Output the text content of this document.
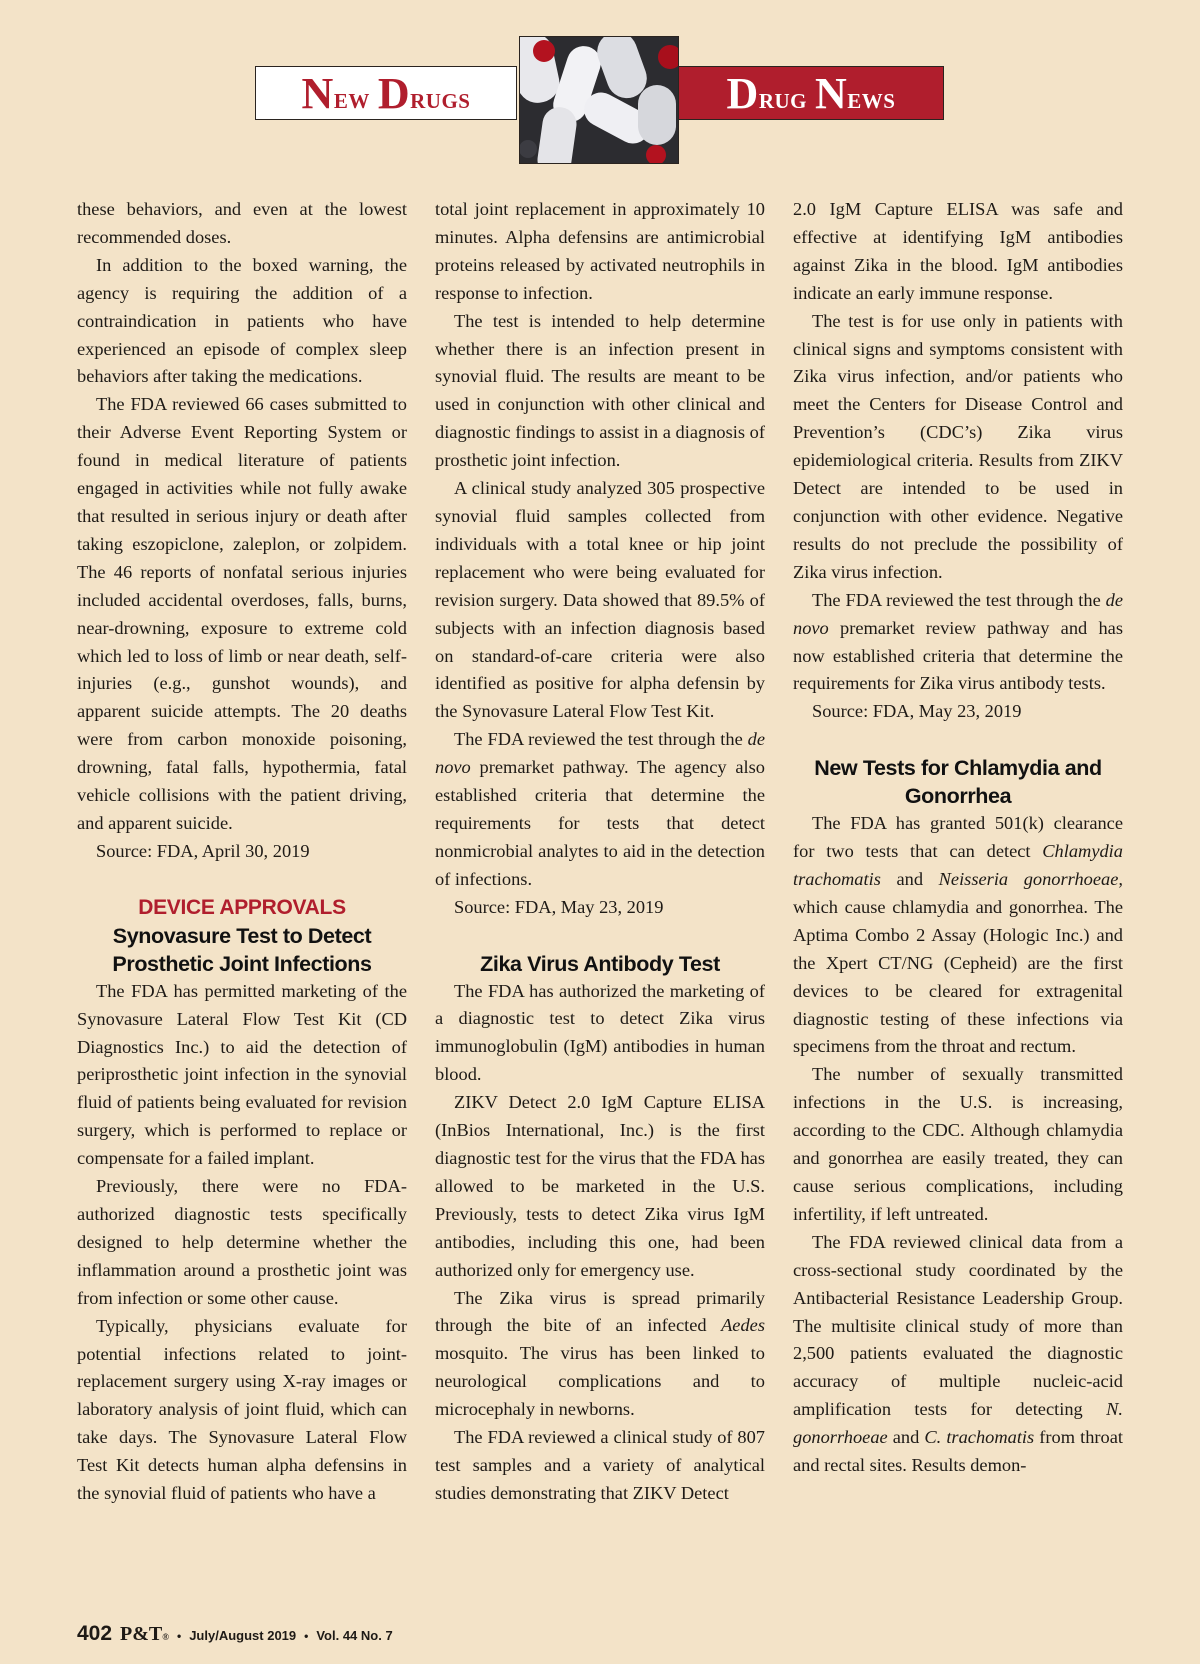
New Drugs	Drug News

these behaviors, and even at the lowest recommended doses.

In addition to the boxed warning, the agency is requiring the addition of a contraindication in patients who have experienced an episode of complex sleep behaviors after taking the medications.

The FDA reviewed 66 cases submitted to their Adverse Event Reporting System or found in medical literature of patients engaged in activities while not fully awake that resulted in serious injury or death after taking eszopiclone, zaleplon, or zolpidem. The 46 reports of nonfatal serious injuries included accidental overdoses, falls, burns, near-drowning, exposure to extreme cold which led to loss of limb or near death, self-injuries (e.g., gunshot wounds), and apparent suicide attempts. The 20 deaths were from carbon monoxide poisoning, drowning, fatal falls, hypothermia, fatal vehicle collisions with the patient driving, and apparent suicide.

Source: FDA, April 30, 2019

DEVICE APPROVALS
Synovasure Test to Detect Prosthetic Joint Infections

The FDA has permitted marketing of the Synovasure Lateral Flow Test Kit (CD Diagnostics Inc.) to aid the detection of periprosthetic joint infection in the synovial fluid of patients being evaluated for revision surgery, which is performed to replace or compensate for a failed implant.

Previously, there were no FDA-authorized diagnostic tests specifically designed to help determine whether the inflammation around a prosthetic joint was from infection or some other cause.

Typically, physicians evaluate for potential infections related to joint-replacement surgery using X-ray images or laboratory analysis of joint fluid, which can take days. The Synovasure Lateral Flow Test Kit detects human alpha defensins in the synovial fluid of patients who have a

total joint replacement in approximately 10 minutes. Alpha defensins are antimicrobial proteins released by activated neutrophils in response to infection.

The test is intended to help determine whether there is an infection present in synovial fluid. The results are meant to be used in conjunction with other clinical and diagnostic findings to assist in a diagnosis of prosthetic joint infection.

A clinical study analyzed 305 prospective synovial fluid samples collected from individuals with a total knee or hip joint replacement who were being evaluated for revision surgery. Data showed that 89.5% of subjects with an infection diagnosis based on standard-of-care criteria were also identified as positive for alpha defensin by the Synovasure Lateral Flow Test Kit.

The FDA reviewed the test through the de novo premarket pathway. The agency also established criteria that determine the requirements for tests that detect nonmicrobial analytes to aid in the detection of infections.

Source: FDA, May 23, 2019

Zika Virus Antibody Test

The FDA has authorized the marketing of a diagnostic test to detect Zika virus immunoglobulin (IgM) antibodies in human blood.

ZIKV Detect 2.0 IgM Capture ELISA (InBios International, Inc.) is the first diagnostic test for the virus that the FDA has allowed to be marketed in the U.S. Previously, tests to detect Zika virus IgM antibodies, including this one, had been authorized only for emergency use.

The Zika virus is spread primarily through the bite of an infected Aedes mosquito. The virus has been linked to neurological complications and to microcephaly in newborns.

The FDA reviewed a clinical study of 807 test samples and a variety of analytical studies demonstrating that ZIKV Detect

2.0 IgM Capture ELISA was safe and effective at identifying IgM antibodies against Zika in the blood. IgM antibodies indicate an early immune response.

The test is for use only in patients with clinical signs and symptoms consistent with Zika virus infection, and/or patients who meet the Centers for Disease Control and Prevention’s (CDC’s) Zika virus epidemiological criteria. Results from ZIKV Detect are intended to be used in conjunction with other evidence. Negative results do not preclude the possibility of Zika virus infection.

The FDA reviewed the test through the de novo premarket review pathway and has now established criteria that determine the requirements for Zika virus antibody tests.

Source: FDA, May 23, 2019

New Tests for Chlamydia and Gonorrhea

The FDA has granted 501(k) clearance for two tests that can detect Chlamydia trachomatis and Neisseria gonorrhoeae, which cause chlamydia and gonorrhea. The Aptima Combo 2 Assay (Hologic Inc.) and the Xpert CT/NG (Cepheid) are the first devices to be cleared for extragenital diagnostic testing of these infections via specimens from the throat and rectum.

The number of sexually transmitted infections in the U.S. is increasing, according to the CDC. Although chlamydia and gonorrhea are easily treated, they can cause serious complications, including infertility, if left untreated.

The FDA reviewed clinical data from a cross-sectional study coordinated by the Antibacterial Resistance Leadership Group. The multisite clinical study of more than 2,500 patients evaluated the diagnostic accuracy of multiple nucleic-acid amplification tests for detecting N. gonorrhoeae and C. trachomatis from throat and rectal sites. Results demon-

402 P&T® • July/August 2019 • Vol. 44 No. 7
